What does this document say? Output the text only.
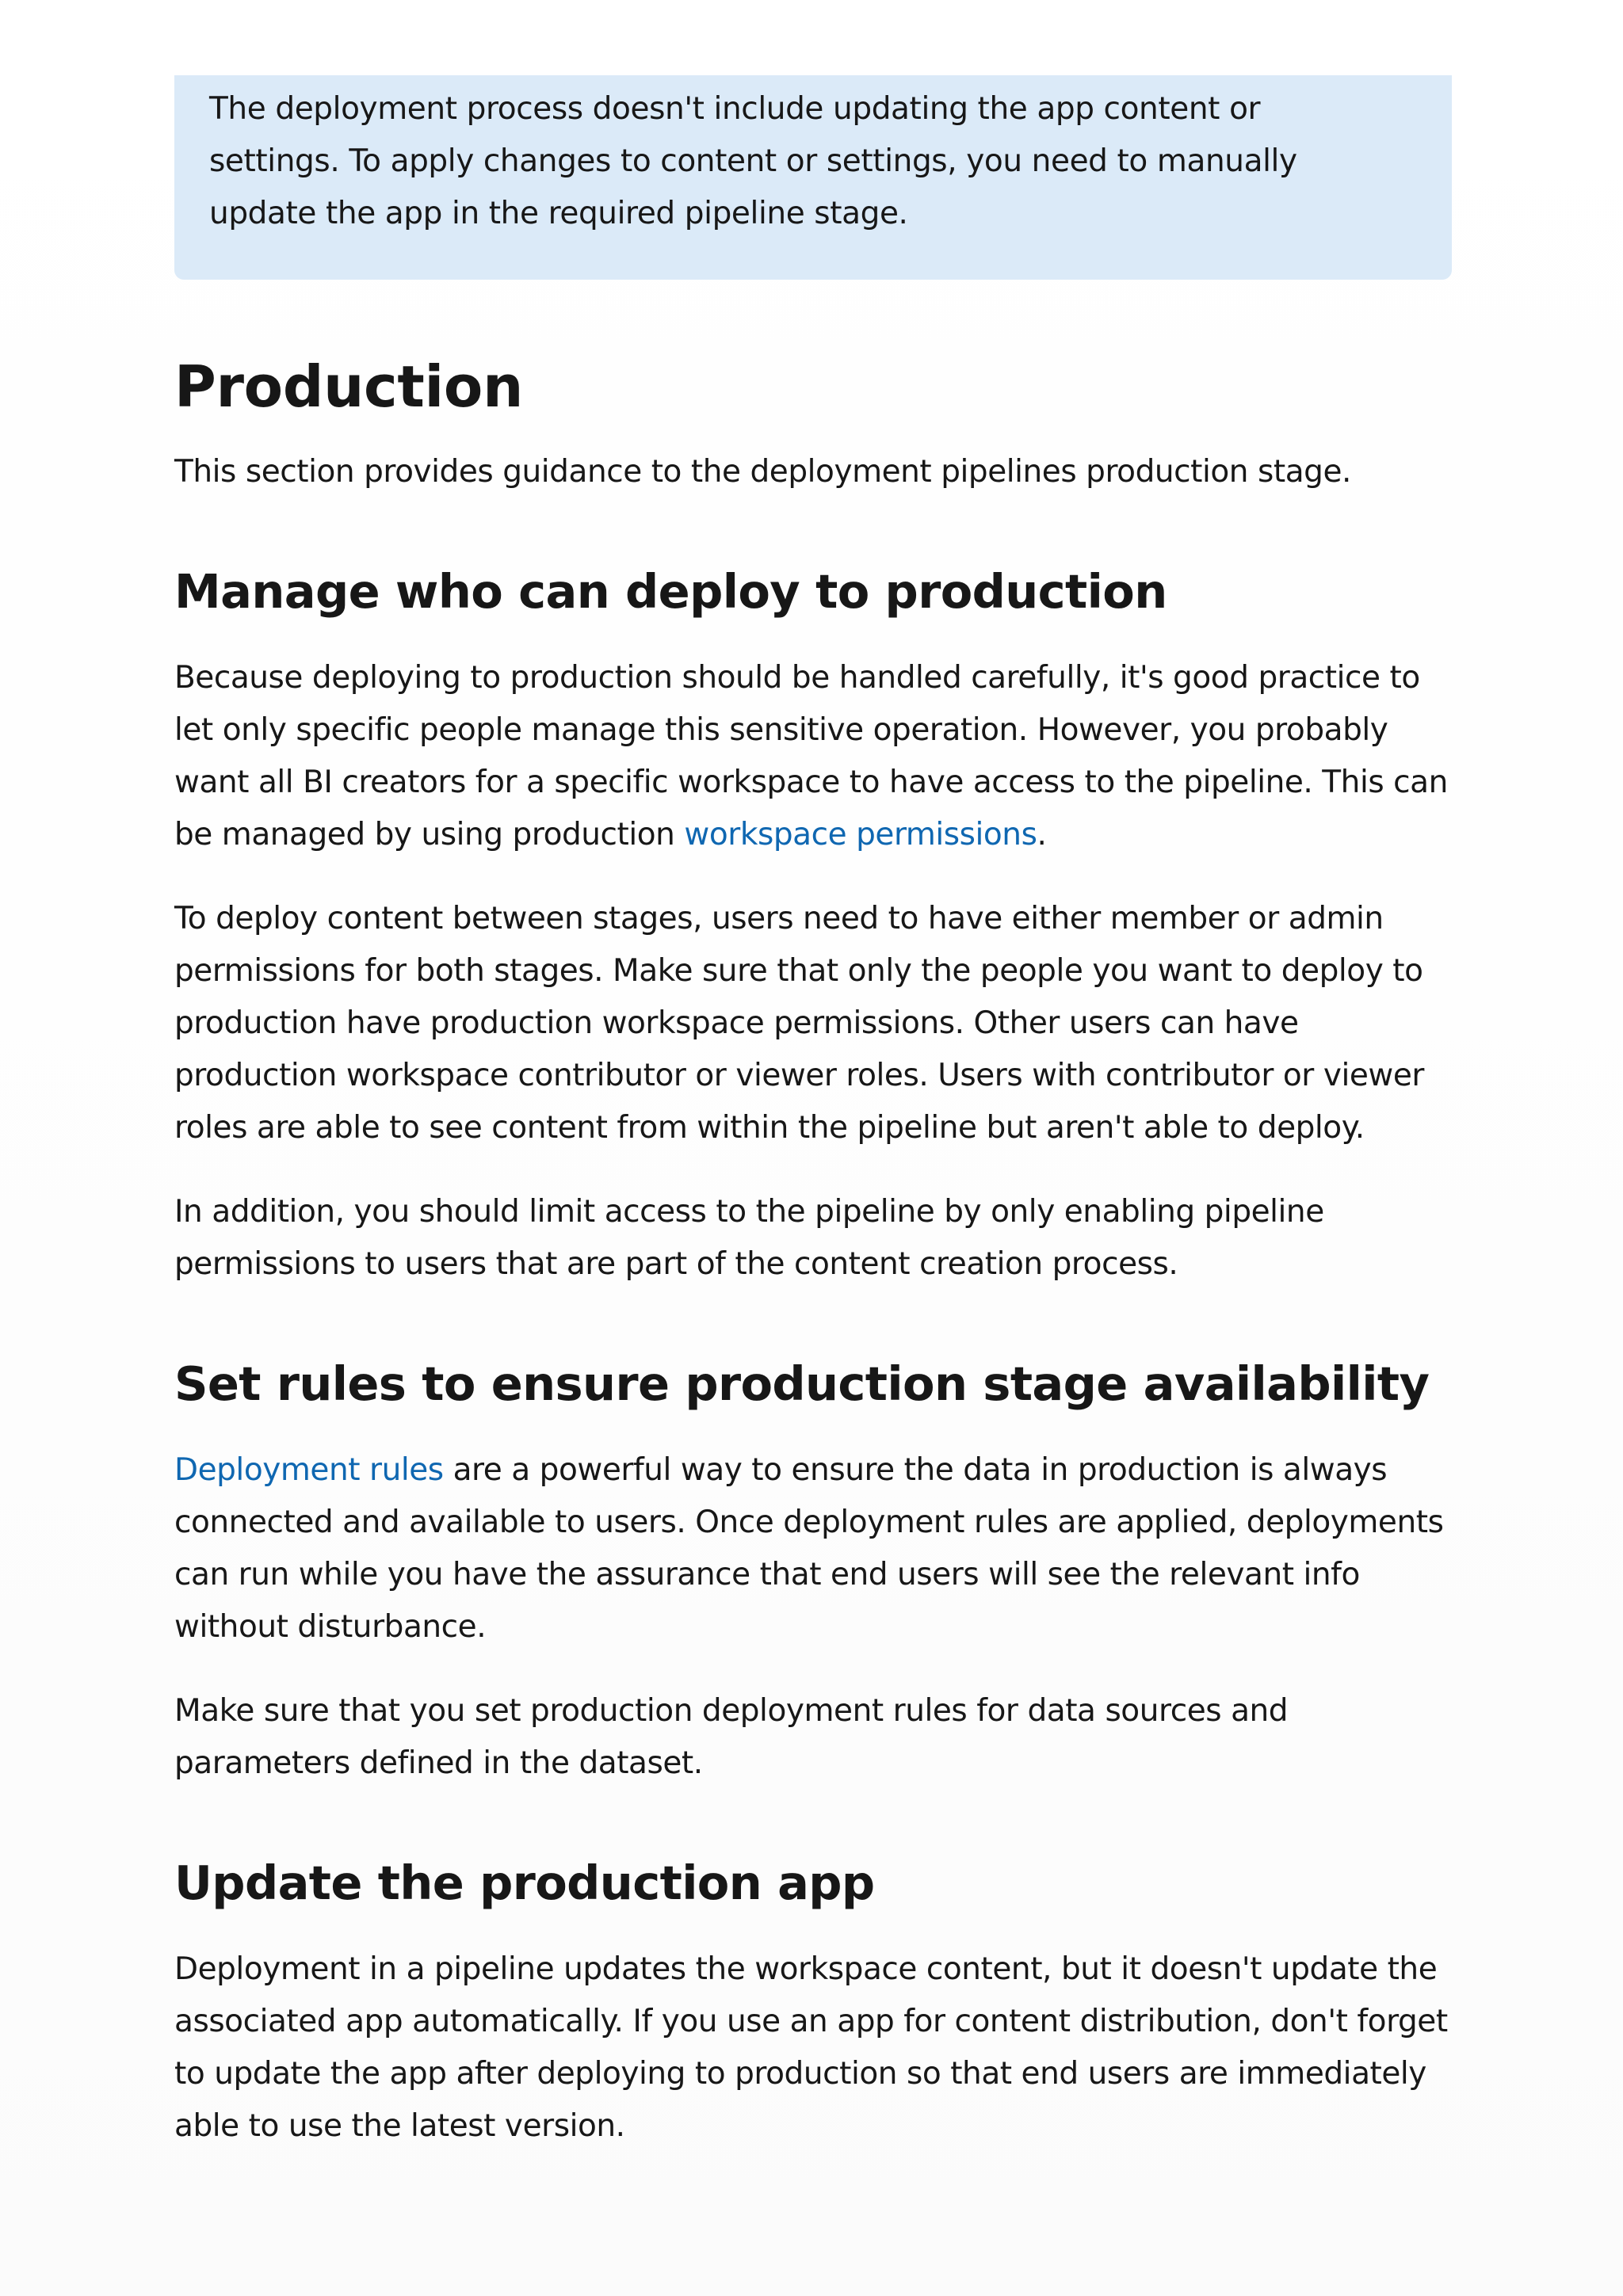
The deployment process doesn't include updating the app content or settings. To apply changes to content or settings, you need to manually update the app in the required pipeline stage.

Production

This section provides guidance to the deployment pipelines production stage.

Manage who can deploy to production

Because deploying to production should be handled carefully, it's good practice to let only specific people manage this sensitive operation. However, you probably want all BI creators for a specific workspace to have access to the pipeline. This can be managed by using production workspace permissions.

To deploy content between stages, users need to have either member or admin permissions for both stages. Make sure that only the people you want to deploy to production have production workspace permissions. Other users can have production workspace contributor or viewer roles. Users with contributor or viewer roles are able to see content from within the pipeline but aren't able to deploy.

In addition, you should limit access to the pipeline by only enabling pipeline permissions to users that are part of the content creation process.

Set rules to ensure production stage availability

Deployment rules are a powerful way to ensure the data in production is always connected and available to users. Once deployment rules are applied, deployments can run while you have the assurance that end users will see the relevant info without disturbance.

Make sure that you set production deployment rules for data sources and parameters defined in the dataset.

Update the production app

Deployment in a pipeline updates the workspace content, but it doesn't update the associated app automatically. If you use an app for content distribution, don't forget to update the app after deploying to production so that end users are immediately able to use the latest version.
